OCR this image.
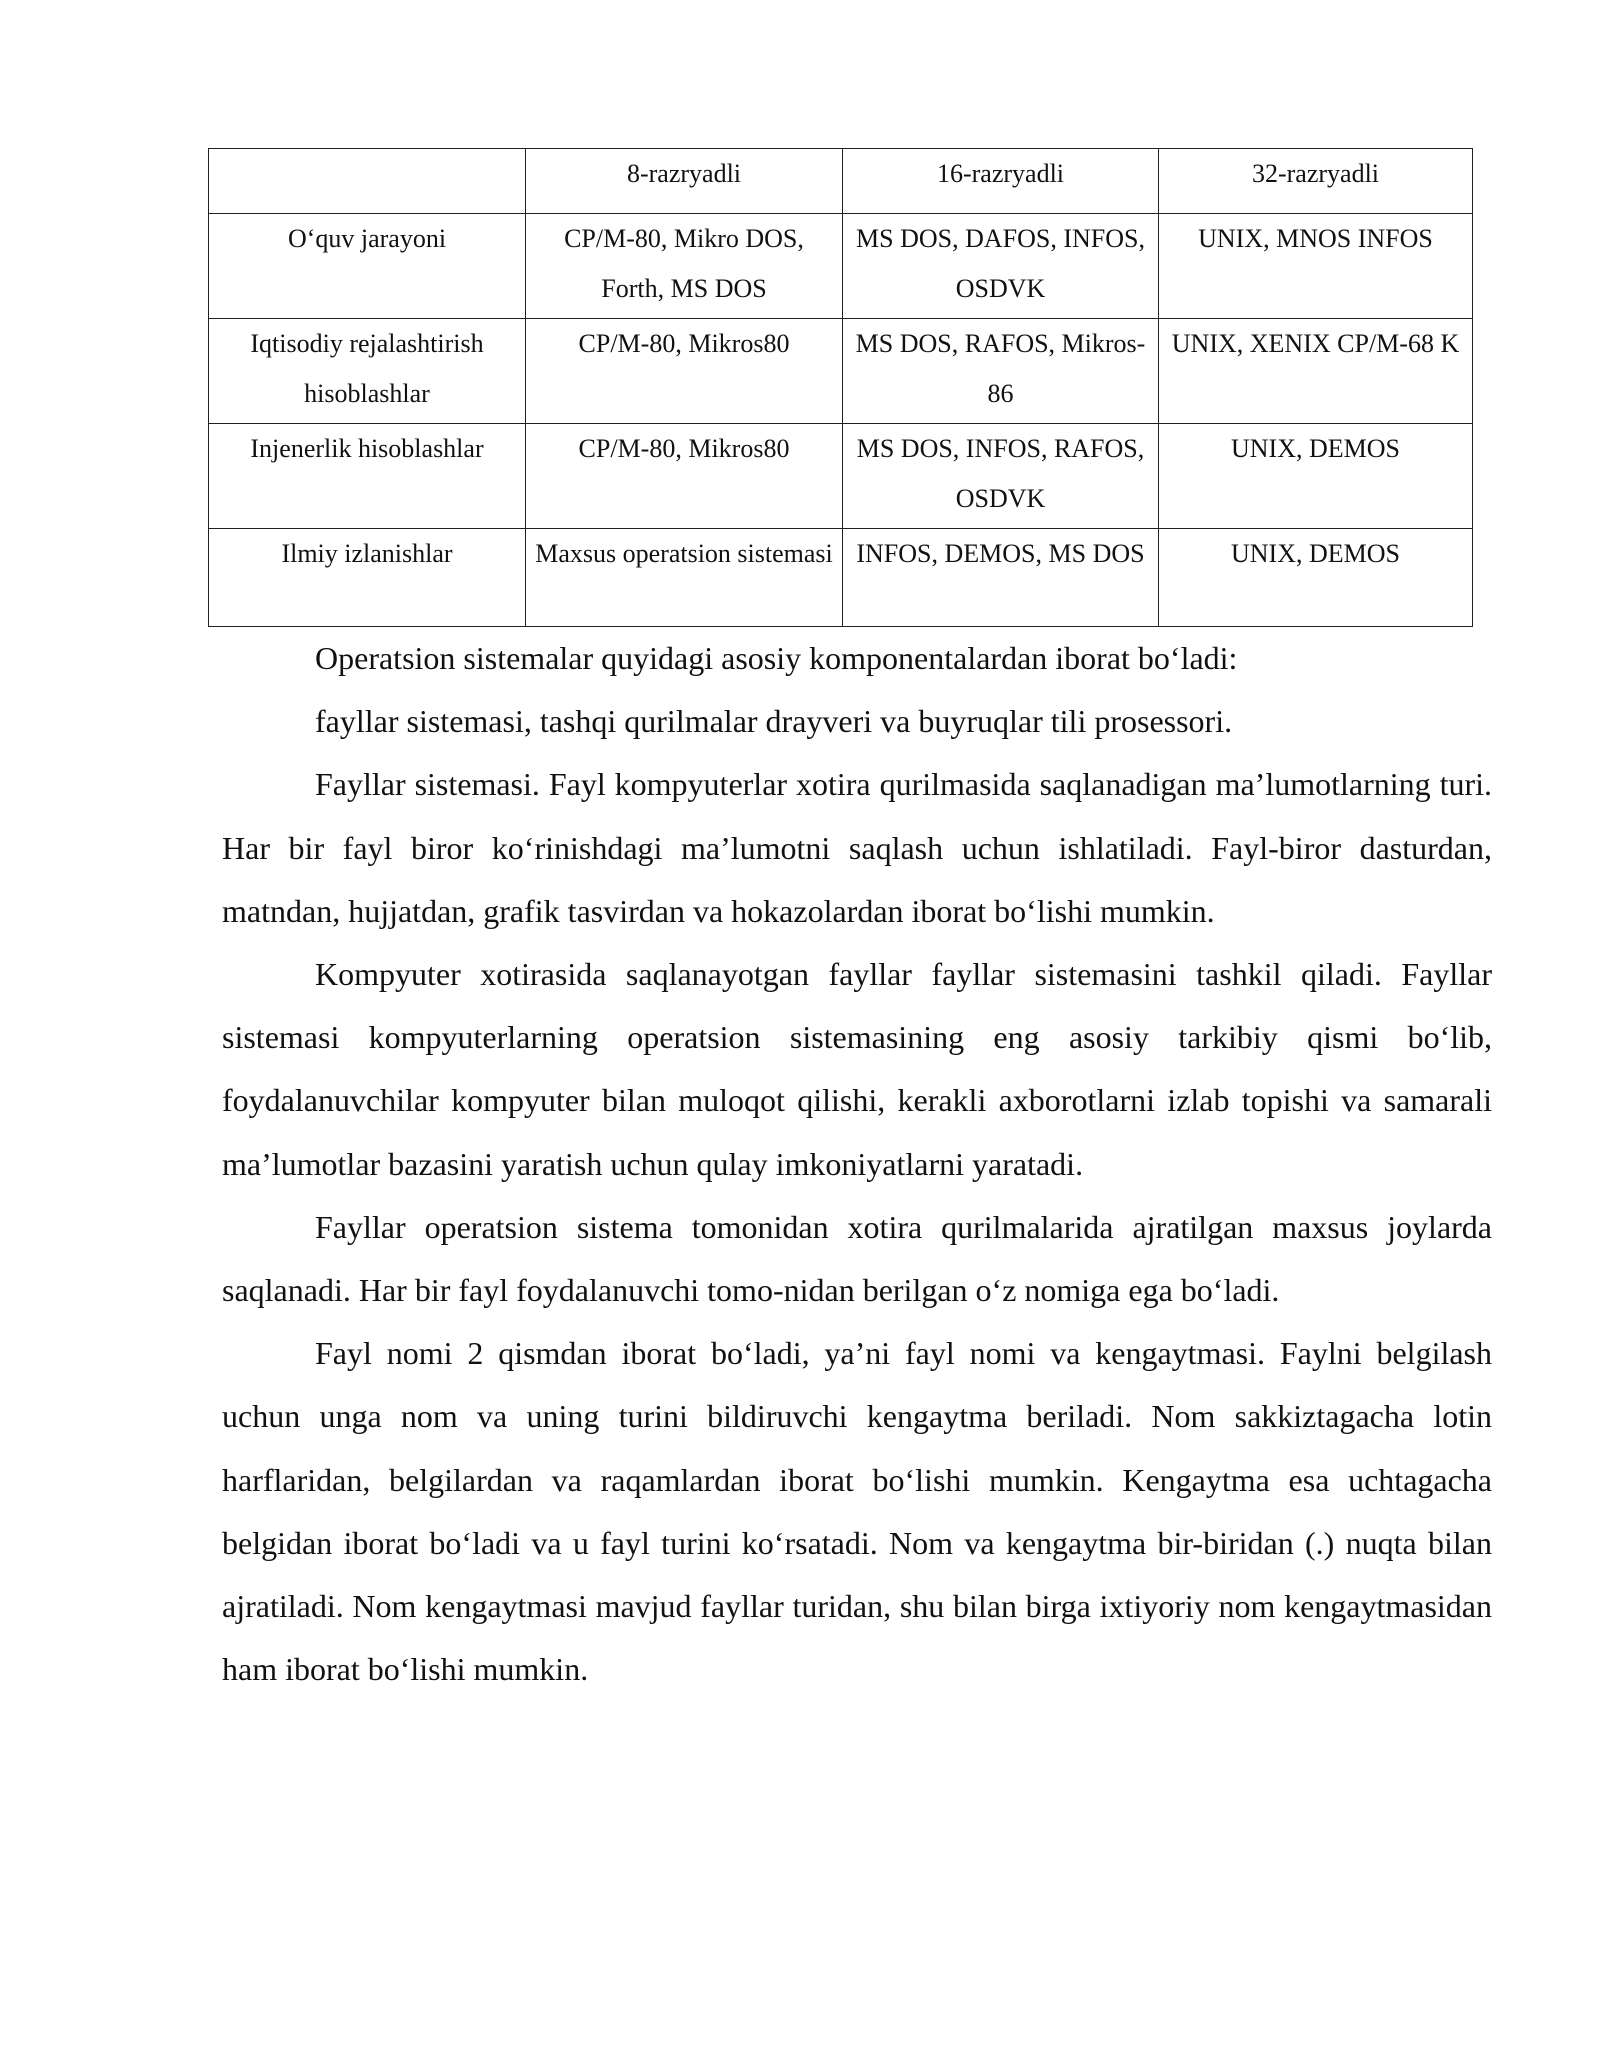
	8-razryadli	16-razryadli	32-razryadli
O‘quv jarayoni	CP/M-80, Mikro DOS, Forth, MS DOS	MS DOS, DAFOS, INFOS, OSDVK	UNIX, MNOS INFOS
Iqtisodiy rejalashtirish hisoblashlar	CP/M-80, Mikros80	MS DOS, RAFOS, Mikros-86	UNIX, XENIX CP/M-68 K
Injenerlik hisoblashlar	CP/M-80, Mikros80	MS DOS, INFOS, RAFOS, OSDVK	UNIX, DEMOS
Ilmiy izlanishlar	Maxsus operatsion sistemasi	INFOS, DEMOS, MS DOS	UNIX, DEMOS

Operatsion sistemalar quyidagi asosiy komponentalardan iborat bo‘ladi:

fayllar sistemasi, tashqi qurilmalar drayveri va buyruqlar tili prosessori.

Fayllar sistemasi. Fayl kompyuterlar xotira qurilmasida saqlanadigan ma’lumotlarning turi. Har bir fayl biror ko‘rinishdagi ma’lumotni saqlash uchun ishlatiladi. Fayl-biror dasturdan, matndan, hujjatdan, grafik tasvirdan va hokazolardan iborat bo‘lishi mumkin.

Kompyuter xotirasida saqlanayotgan fayllar fayllar sistemasini tashkil qiladi. Fayllar sistemasi kompyuterlarning operatsion sistemasining eng asosiy tarkibiy qismi bo‘lib, foydalanuvchilar kompyuter bilan muloqot qilishi, kerakli axborotlarni izlab topishi va samarali ma’lumotlar bazasini yaratish uchun qulay imkoniyatlarni yaratadi.

Fayllar operatsion sistema tomonidan xotira qurilmalarida ajratilgan maxsus joylarda saqlanadi. Har bir fayl foydalanuvchi tomo-nidan berilgan o‘z nomiga ega bo‘ladi.

Fayl nomi 2 qismdan iborat bo‘ladi, ya’ni fayl nomi va kengaytmasi. Faylni belgilash uchun unga nom va uning turini bildiruvchi kengaytma beriladi. Nom sakkiztagacha lotin harflaridan, belgilardan va raqamlardan iborat bo‘lishi mumkin. Kengaytma esa uchtagacha belgidan iborat bo‘ladi va u fayl turini ko‘rsatadi. Nom va kengaytma bir-biridan (.) nuqta bilan ajratiladi. Nom kengaytmasi mavjud fayllar turidan, shu bilan birga ixtiyoriy nom kengaytmasidan ham iborat bo‘lishi mumkin.
